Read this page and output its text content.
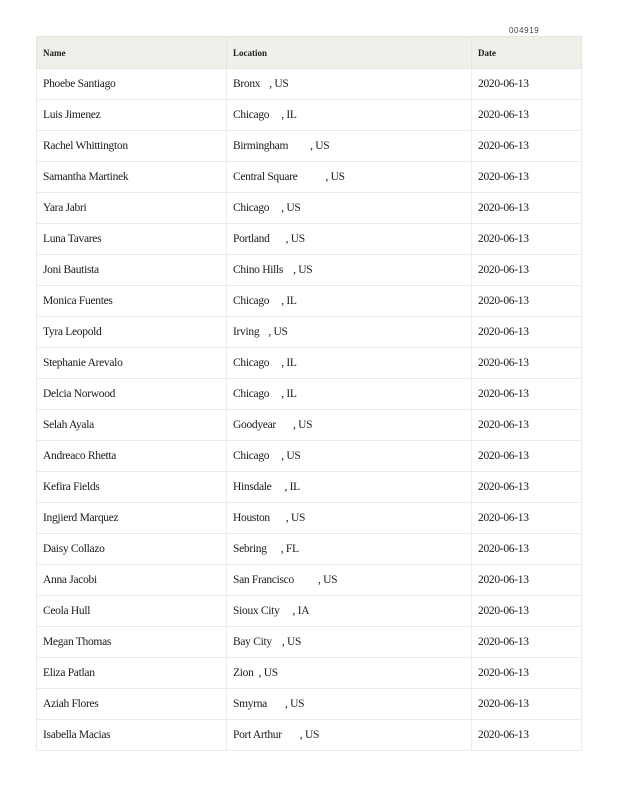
004919
Name	Location	Date
Phoebe Santiago	Bronx , US	2020-06-13
Luis Jimenez	Chicago , IL	2020-06-13
Rachel Whittington	Birmingham , US	2020-06-13
Samantha Martinek	Central Square , US	2020-06-13
Yara Jabri	Chicago , US	2020-06-13
Luna Tavares	Portland , US	2020-06-13
Joni Bautista	Chino Hills , US	2020-06-13
Monica Fuentes	Chicago , IL	2020-06-13
Tyra Leopold	Irving , US	2020-06-13
Stephanie Arevalo	Chicago , IL	2020-06-13
Delcia Norwood	Chicago , IL	2020-06-13
Selah Ayala	Goodyear , US	2020-06-13
Andreaco Rhetta	Chicago , US	2020-06-13
Kefira Fields	Hinsdale , IL	2020-06-13
Ingjierd Marquez	Houston , US	2020-06-13
Daisy Collazo	Sebring , FL	2020-06-13
Anna Jacobi	San Francisco , US	2020-06-13
Ceola Hull	Sioux City , IA	2020-06-13
Megan Thomas	Bay City , US	2020-06-13
Eliza Patlan	Zion , US	2020-06-13
Aziah Flores	Smyrna , US	2020-06-13
Isabella Macias	Port Arthur , US	2020-06-13
